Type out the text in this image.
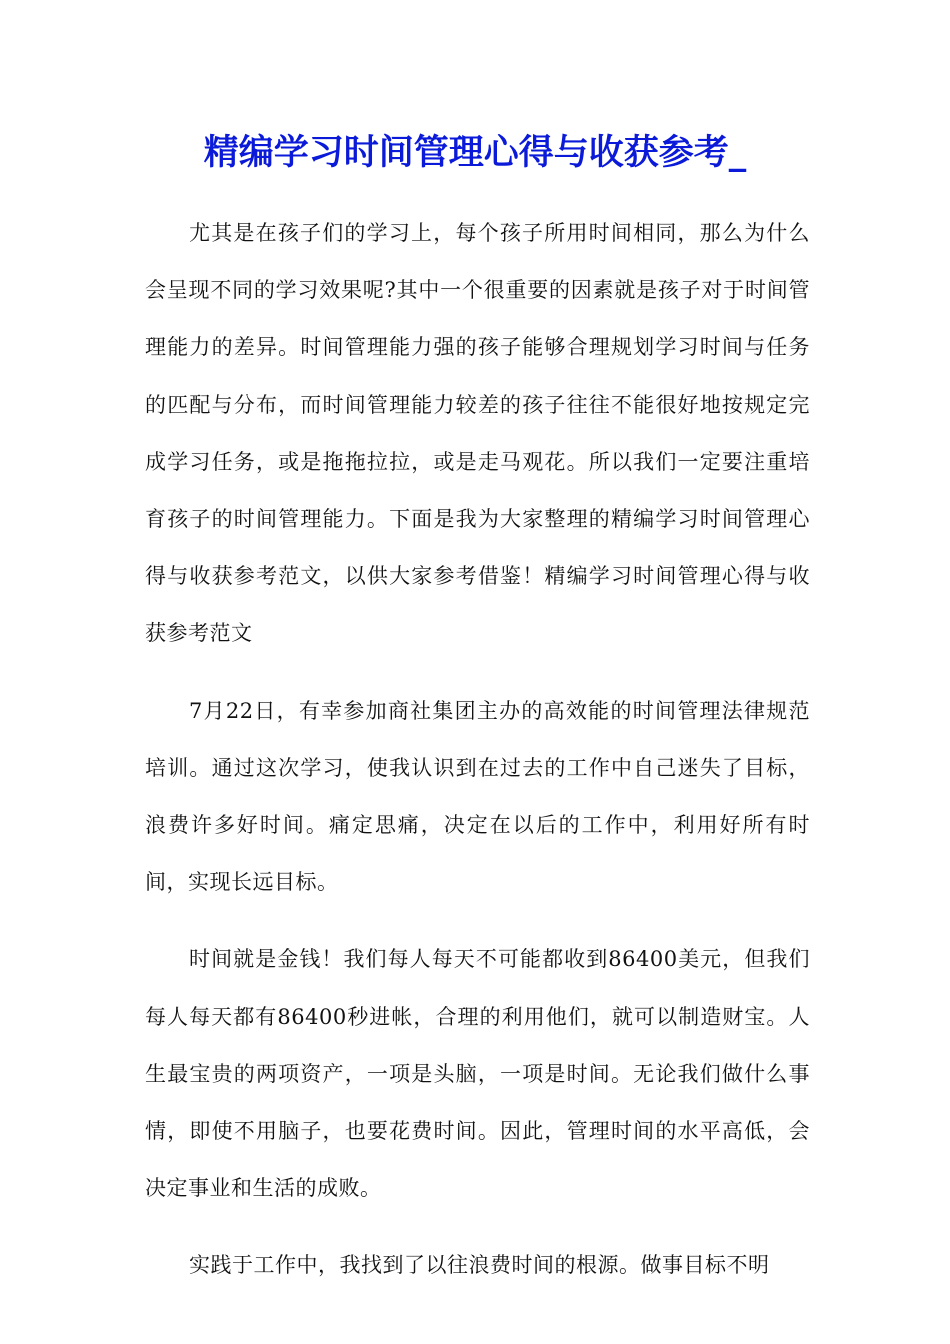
精编学习时间管理心得与收获参考_

尤其是在孩子们的学习上，每个孩子所用时间相同，那么为什么会呈现不同的学习效果呢?其中一个很重要的因素就是孩子对于时间管理能力的差异。时间管理能力强的孩子能够合理规划学习时间与任务的匹配与分布，而时间管理能力较差的孩子往往不能很好地按规定完成学习任务，或是拖拖拉拉，或是走马观花。所以我们一定要注重培育孩子的时间管理能力。下面是我为大家整理的精编学习时间管理心得与收获参考范文，以供大家参考借鉴！精编学习时间管理心得与收获参考范文

7月22日，有幸参加商社集团主办的高效能的时间管理法律规范培训。通过这次学习，使我认识到在过去的工作中自己迷失了目标，浪费许多好时间。痛定思痛，决定在以后的工作中，利用好所有时间，实现长远目标。

时间就是金钱！我们每人每天不可能都收到86400美元，但我们每人每天都有86400秒进帐，合理的利用他们，就可以制造财宝。人生最宝贵的两项资产，一项是头脑，一项是时间。无论我们做什么事情，即使不用脑子，也要花费时间。因此，管理时间的水平高低，会决定事业和生活的成败。

实践于工作中，我找到了以往浪费时间的根源。做事目标不明
